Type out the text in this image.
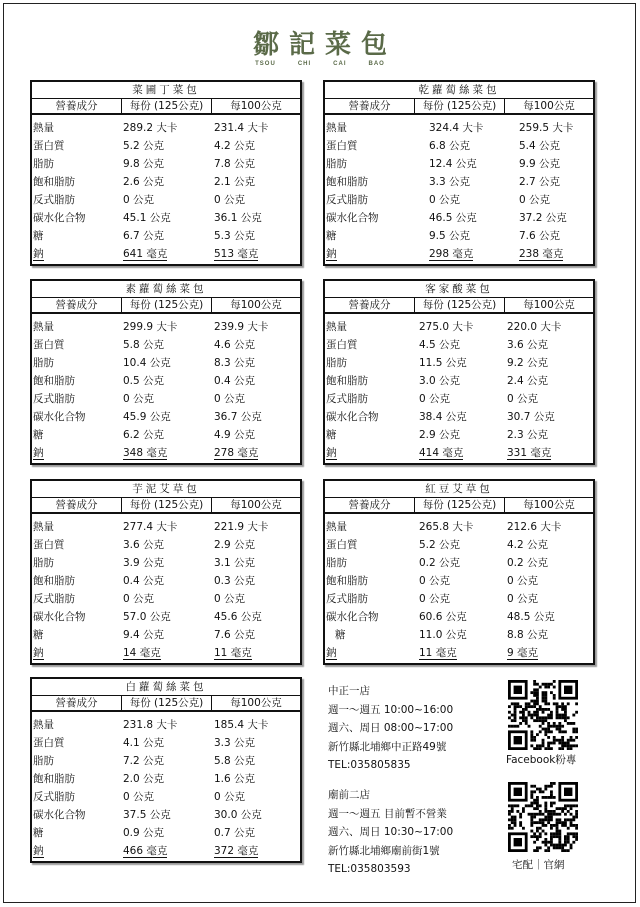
鄒記菜包
TSOU	CHI	CAI	BAO
菜圃丁菜包
營養成分	每份 (125公克)	每100公克
熱量	289.2 大卡	231.4 大卡
蛋白質	5.2 公克	4.2 公克
脂肪	9.8 公克	7.8 公克
飽和脂肪	2.6 公克	2.1 公克
反式脂肪	0 公克	0 公克
碳水化合物	45.1 公克	36.1 公克
糖	6.7 公克	5.3 公克
鈉	641 毫克	513 毫克
乾蘿蔔絲菜包
營養成分	每份 (125公克)	每100公克
熱量	324.4 大卡	259.5 大卡
蛋白質	6.8 公克	5.4 公克
脂肪	12.4 公克	9.9 公克
飽和脂肪	3.3 公克	2.7 公克
反式脂肪	0 公克	0 公克
碳水化合物	46.5 公克	37.2 公克
糖	9.5 公克	7.6 公克
鈉	298 毫克	238 毫克
素蘿蔔絲菜包
營養成分	每份 (125公克)	每100公克
熱量	299.9 大卡	239.9 大卡
蛋白質	5.8 公克	4.6 公克
脂肪	10.4 公克	8.3 公克
飽和脂肪	0.5 公克	0.4 公克
反式脂肪	0 公克	0 公克
碳水化合物	45.9 公克	36.7 公克
糖	6.2 公克	4.9 公克
鈉	348 毫克	278 毫克
客家酸菜包
營養成分	每份 (125公克)	每100公克
熱量	275.0 大卡	220.0 大卡
蛋白質	4.5 公克	3.6 公克
脂肪	11.5 公克	9.2 公克
飽和脂肪	3.0 公克	2.4 公克
反式脂肪	0 公克	0 公克
碳水化合物	38.4 公克	30.7 公克
糖	2.9 公克	2.3 公克
鈉	414 毫克	331 毫克
芋泥艾草包
營養成分	每份 (125公克)	每100公克
熱量	277.4 大卡	221.9 大卡
蛋白質	3.6 公克	2.9 公克
脂肪	3.9 公克	3.1 公克
飽和脂肪	0.4 公克	0.3 公克
反式脂肪	0 公克	0 公克
碳水化合物	57.0 公克	45.6 公克
糖	9.4 公克	7.6 公克
鈉	14 毫克	11 毫克
紅豆艾草包
營養成分	每份 (125公克)	每100公克
熱量	265.8 大卡	212.6 大卡
蛋白質	5.2 公克	4.2 公克
脂肪	0.2 公克	0.2 公克
飽和脂肪	0 公克	0 公克
反式脂肪	0 公克	0 公克
碳水化合物	60.6 公克	48.5 公克
糖	11.0 公克	8.8 公克
鈉	11 毫克	9 毫克
白蘿蔔絲菜包
營養成分	每份 (125公克)	每100公克
熱量	231.8 大卡	185.4 大卡
蛋白質	4.1 公克	3.3 公克
脂肪	7.2 公克	5.8 公克
飽和脂肪	2.0 公克	1.6 公克
反式脂肪	0 公克	0 公克
碳水化合物	37.5 公克	30.0 公克
糖	0.9 公克	0.7 公克
鈉	466 毫克	372 毫克
中正一店
週一～週五 10:00~16:00
週六、周日 08:00~17:00
新竹縣北埔鄉中正路49號
TEL:035805835
廟前二店
週一～週五 目前暫不營業
週六、周日 10:30~17:00
新竹縣北埔鄉廟前街1號
TEL:035803593
Facebook粉專
宅配｜官網
